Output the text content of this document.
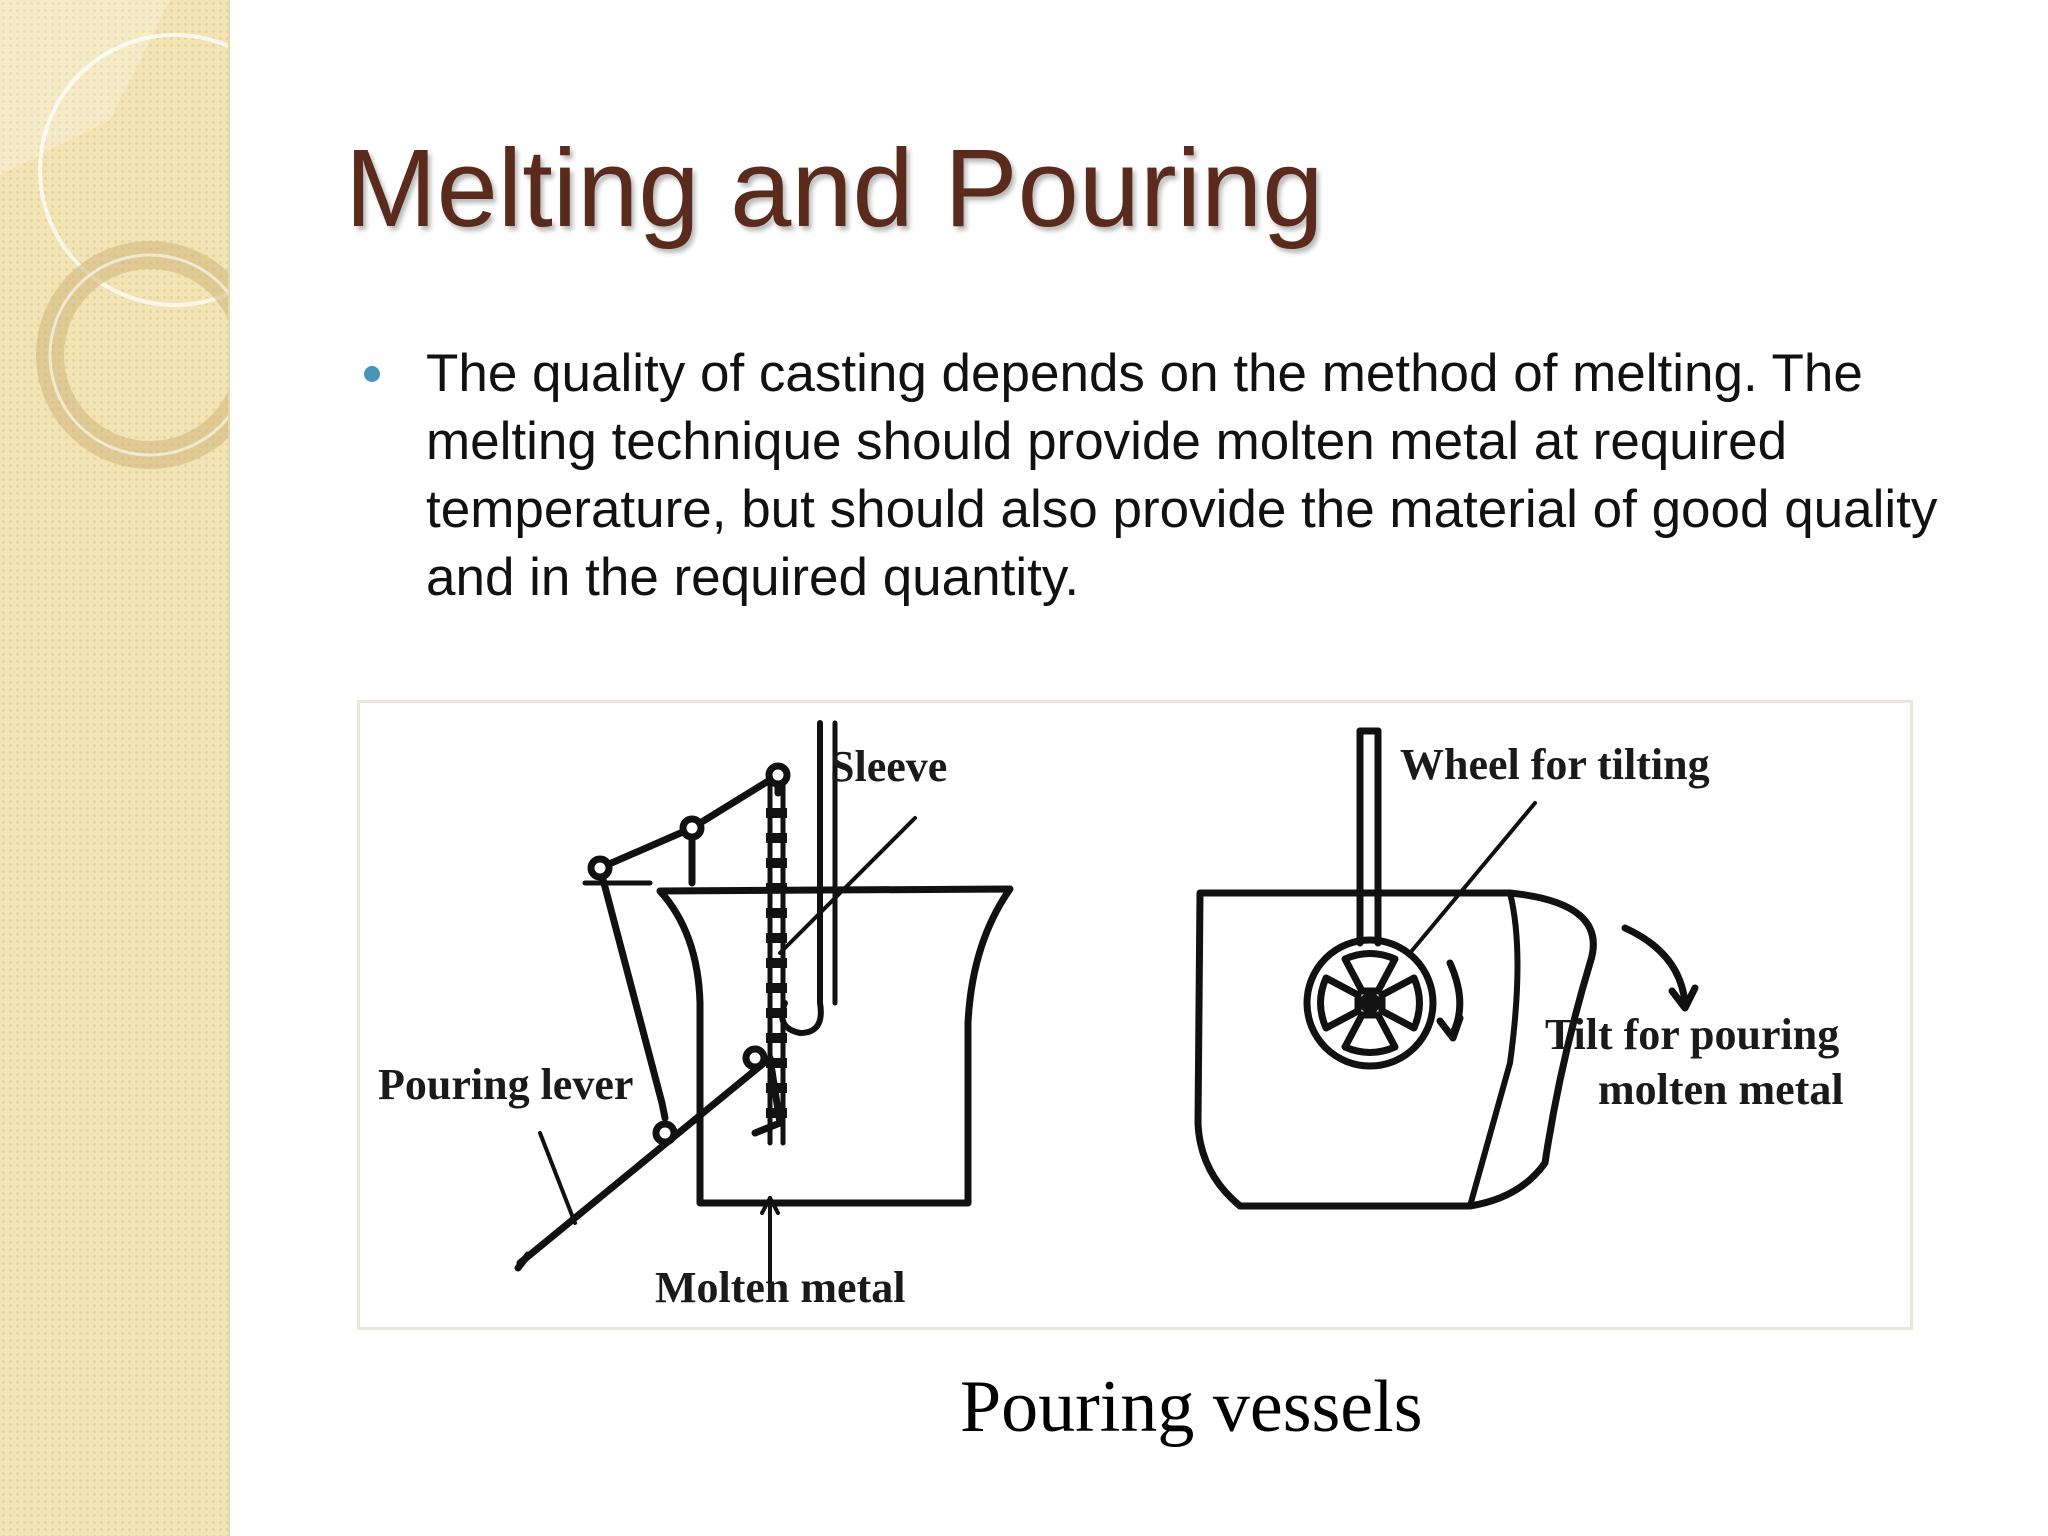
Melting and Pouring
The quality of casting depends on the method of melting. The melting technique should provide molten metal at required temperature, but should also provide the material of good quality and in the required quantity.
Sleeve
Pouring lever
Molten metal
Wheel for tilting
Tilt for pouring
molten metal
Pouring vessels
